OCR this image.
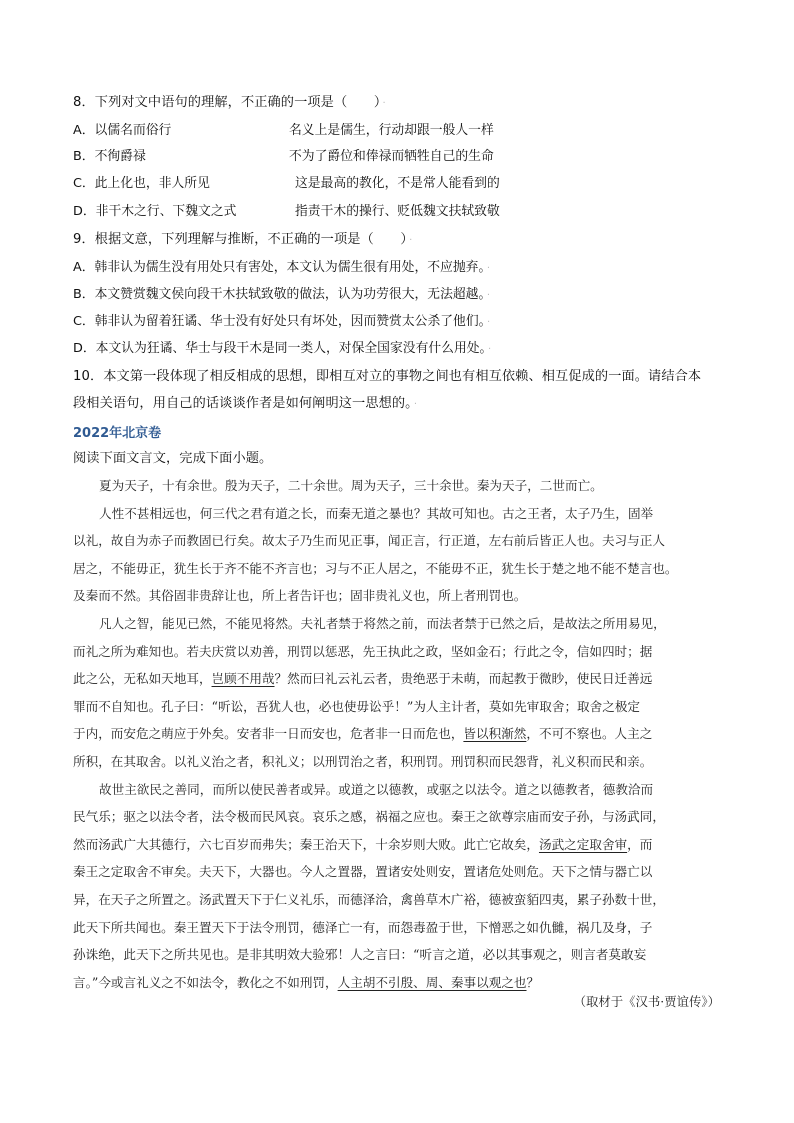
8．下列对文中语句的理解，不正确的一项是（　　） ·
A．以儒名而俗行	名义上是儒生，行动却跟一般人一样
B．不徇爵禄	不为了爵位和俸禄而牺牲自己的生命
C．此上化也，非人所见	这是最高的教化，不是常人能看到的
D．非干木之行、下魏文之式	指责干木的操行、贬低魏文扶轼致敬
9．根据文意，下列理解与推断，不正确的一项是（　　） ·
A．韩非认为儒生没有用处只有害处，本文认为儒生很有用处，不应抛弃。 ·
B．本文赞赏魏文侯向段干木扶轼致敬的做法，认为功劳很大，无法超越。 ·
C．韩非认为留着狂谲、华士没有好处只有坏处，因而赞赏太公杀了他们。 ·
D．本文认为狂谲、华士与段干木是同一类人，对保全国家没有什么用处。 ·
10．本文第一段体现了相反相成的思想，即相互对立的事物之间也有相互依赖、相互促成的一面。请结合本
段相关语句，用自己的话谈谈作者是如何阐明这一思想的。 ·
2022年北京卷
阅读下面文言文，完成下面小题。
夏为天子，十有余世。殷为天子，二十余世。周为天子，三十余世。秦为天子，二世而亡。
人性不甚相远也，何三代之君有道之长，而秦无道之暴也？其故可知也。古之王者，太子乃生，固举
以礼，故自为赤子而教固已行矣。故太子乃生而见正事，闻正言，行正道，左右前后皆正人也。夫习与正人
居之，不能毋正，犹生长于齐不能不齐言也；习与不正人居之，不能毋不正，犹生长于楚之地不能不楚言也。
及秦而不然。其俗固非贵辞让也，所上者告讦也；固非贵礼义也，所上者刑罚也。
凡人之智，能见已然，不能见将然。夫礼者禁于将然之前，而法者禁于已然之后，是故法之所用易见，
而礼之所为难知也。若夫庆赏以劝善，刑罚以惩恶，先王执此之政，坚如金石；行此之令，信如四时；据
此之公，无私如天地耳，岂顾不用哉？然而曰礼云礼云者，贵绝恶于未萌，而起教于微眇，使民日迁善远
罪而不自知也。孔子曰：“听讼，吾犹人也，必也使毋讼乎！”为人主计者，莫如先审取舍；取舍之极定
于内，而安危之萌应于外矣。安者非一日而安也，危者非一日而危也，皆以积渐然，不可不察也。人主之
所积，在其取舍。以礼义治之者，积礼义；以刑罚治之者，积刑罚。刑罚积而民怨背，礼义积而民和亲。
故世主欲民之善同，而所以使民善者或异。或道之以德教，或驱之以法令。道之以德教者，德教洽而
民气乐；驱之以法令者，法令极而民风哀。哀乐之感，祸福之应也。秦王之欲尊宗庙而安子孙，与汤武同，
然而汤武广大其德行，六七百岁而弗失；秦王治天下，十余岁则大败。此亡它故矣，汤武之定取舍审，而
秦王之定取舍不审矣。夫天下，大器也。今人之置器，置诸安处则安，置诸危处则危。天下之情与器亡以
异，在天子之所置之。汤武置天下于仁义礼乐，而德泽洽，禽兽草木广裕，德被蛮貊四夷，累子孙数十世，
此天下所共闻也。秦王置天下于法令刑罚，德泽亡一有，而怨毒盈于世，下憎恶之如仇雠，祸几及身，子
孙诛绝，此天下之所共见也。是非其明效大验邪！人之言曰：“听言之道，必以其事观之，则言者莫敢妄
言。”今或言礼义之不如法令，教化之不如刑罚，人主胡不引殷、周、秦事以观之也？
（取材于《汉书·贾谊传》）
